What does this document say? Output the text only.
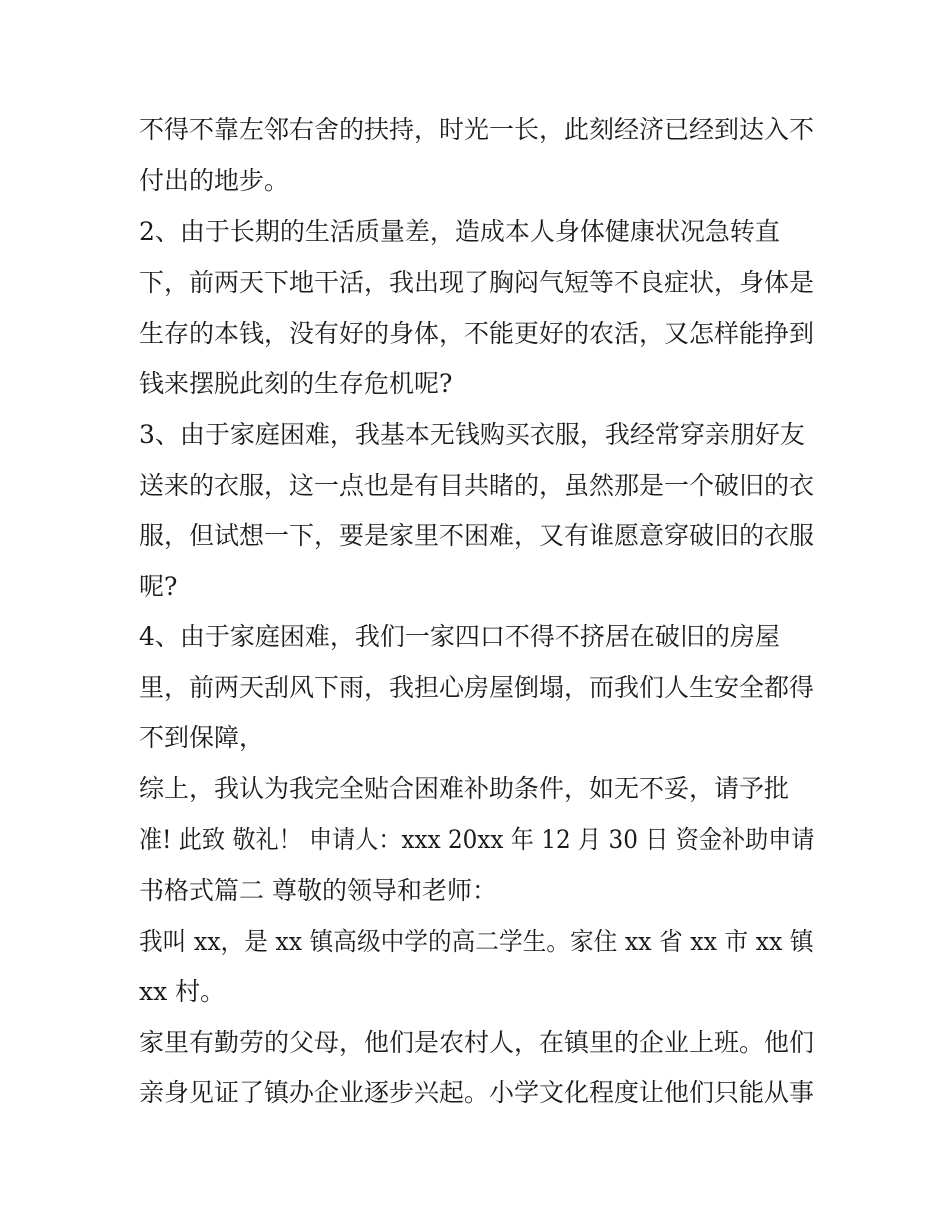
不得不靠左邻右舍的扶持，时光一长，此刻经济已经到达入不
付出的地步。
2、由于长期的生活质量差，造成本人身体健康状况急转直
下，前两天下地干活，我出现了胸闷气短等不良症状，身体是
生存的本钱，没有好的身体，不能更好的农活，又怎样能挣到
钱来摆脱此刻的生存危机呢?
3、由于家庭困难，我基本无钱购买衣服，我经常穿亲朋好友
送来的衣服，这一点也是有目共睹的，虽然那是一个破旧的衣
服，但试想一下，要是家里不困难，又有谁愿意穿破旧的衣服
呢?
4、由于家庭困难，我们一家四口不得不挤居在破旧的房屋
里，前两天刮风下雨，我担心房屋倒塌，而我们人生安全都得
不到保障，
综上，我认为我完全贴合困难补助条件，如无不妥，请予批
准! 此致 敬礼！ 申请人：xxx 20xx 年 12 月 30 日 资金补助申请
书格式篇二 尊敬的领导和老师：
我叫 xx，是 xx 镇高级中学的高二学生。家住 xx 省 xx 市 xx 镇
xx 村。
家里有勤劳的父母，他们是农村人，在镇里的企业上班。他们
亲身见证了镇办企业逐步兴起。小学文化程度让他们只能从事
